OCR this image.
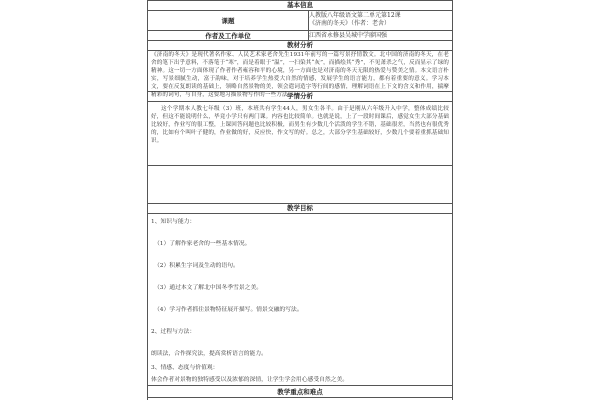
基本信息
课题
人教版八年级语文第二单元第12课
《济南的冬天》（作者：老舍）
作者及工作单位	江西省永修县吴城中学廖国强
教材分析
《济南的冬天》是现代著名作家、人民艺术家老舍先生1931年前写的一篇写景抒情散文。北中国的济南的冬天，在老舍的笔下出乎意料，不落笔于“寒”，而是着眼于“温”，一扫染其“灰”，而描绘其“秀”，不见萧杀之气，反而显示了绿的精神。这一切一方面体现了作者作者雍容和平的心境，另一方面也是对济南的冬天无限的热爱与赞美之情。本文语言朴实，写景细腻生动，富于韵味，对于培养学生热爱大自然的情感，发展学生的语言能力，都有着重要的意义。学习本文，要在反复朗读的基础上，领略自然景物的美，领会遣词造字等行间的感情，理解词语在上下文的含义和作用，揣摩精彩的词句，与自身，这要地习描景物写作的一些方法。
学情分析
这个学期本人教七年级（3）班，本班共有学生44人，男女生各半。由于是刚从六年级升入中学，整体成绩比较好，但这不能说明什么，毕竟小学只有两门课。内容也比较简单。也就是说，上了一段时间课后，感觉女生大部分基础比较好，作业写的很工整，上课回答问题也比较积极，而男生有少数几个活泼的学生不错，基础很差，当然也有很优秀的，比如有个叫叶子健的，作业做的好，反应快，作文写的好。总之，大部分学生基础较好，少数几个要着重抓基础知识。
教学目标
1、知识与能力：
（1）了解作家老舍的一些基本情况。
（2）积累生字词及生动的语句。
（3）通过本文了解北中国冬季雪景之美。
（4）学习作者抓住景物特征展开描写。情景交融的写法。
2、过程与方法：
朗读法，合作探究法，提高赏析语言的能力。
3、情感、态度与价值观：
体会作者对景物的独特感受以及浓郁的深情，让学生学会用心感受自然之美。
教学重点和难点
